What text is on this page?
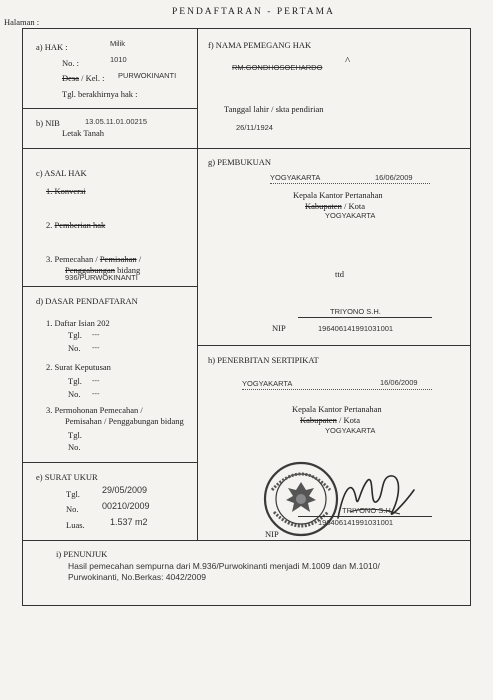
PENDAFTARAN - PERTAMA
Halaman :
a) HAK :	Milik
No. :	1010
Desa / Kel. : PURWOKINANTI
Tgl. berakhirnya hak :
b) NIB	13.05.11.01.00215
Letak Tanah
c) ASAL HAK
1. Konversi
2. Pemberian hak
3. Pemecahan / Pemisahan /
Penggabungan bidang
936/PURWOKINANTI
d) DASAR PENDAFTARAN
1. Daftar Isian 202
Tgl. ---
No. ---
2. Surat Keputusan
Tgl. ---
No. ---
3. Permohonan Pemecahan /
Pemisahan / Penggabungan bidang
Tgl.
No.
e) SURAT UKUR
Tgl. 29/05/2009
No.	00210/2009
Luas.	1.537 m2
f) NAMA PEMEGANG HAK
RM.GONDHOSOEHARDO
^
Tanggal lahir / skta pendirian
26/11/1924
g) PEMBUKUAN
YOGYAKARTA	16/06/2009
Kepala Kantor Pertanahan
Kabupaten / Kota
YOGYAKARTA
ttd
TRIYONO S.H.
NIP	196406141991031001
h) PENERBITAN SERTIPIKAT
YOGYAKARTA	16/06/2009
Kepala Kantor Pertanahan
Kabupaten / Kota
YOGYAKARTA
TRIYONO S.H.
196406141991031001
NIP
i) PENUNJUK
Hasil pemecahan sempurna dari M.936/Purwokinanti menjadi M.1009 dan M.1010/
Purwokinanti, No.Berkas: 4042/2009
